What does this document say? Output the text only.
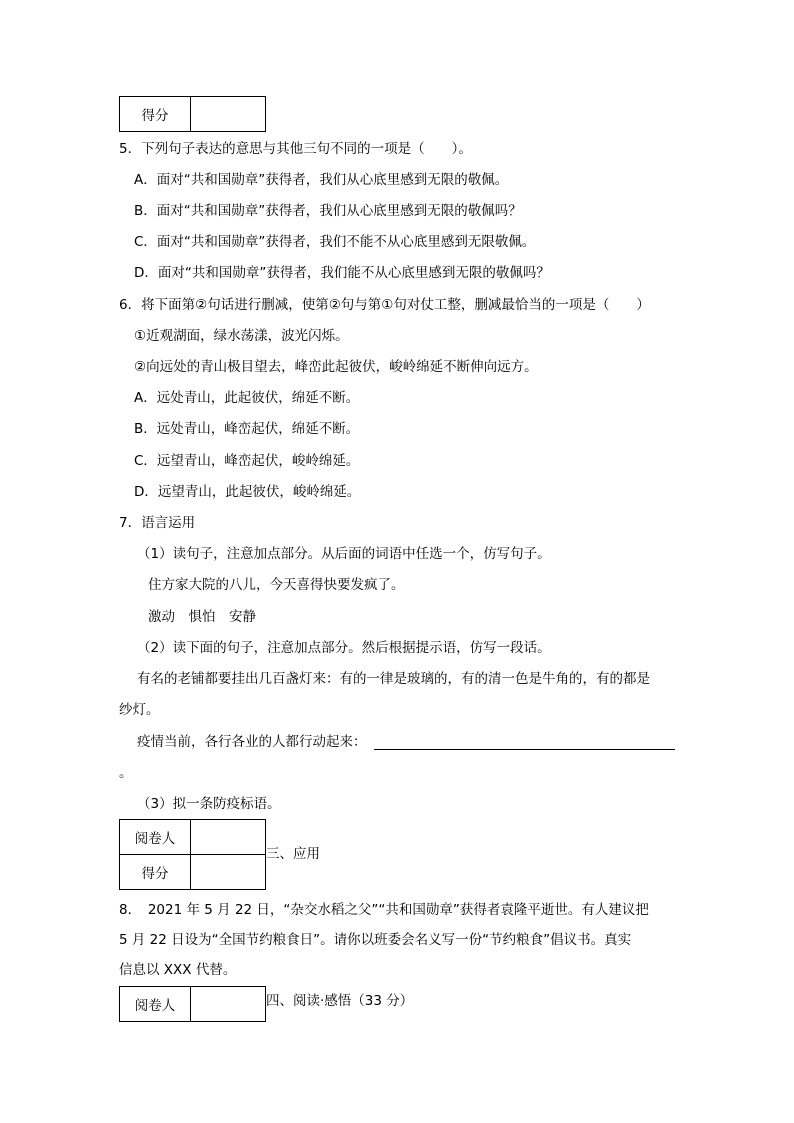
得分	
5．下列句子表达的意思与其他三句不同的一项是（　　）。
A．面对“共和国勋章”获得者，我们从心底里感到无限的敬佩。
B．面对“共和国勋章”获得者，我们从心底里感到无限的敬佩吗？
C．面对“共和国勋章”获得者，我们不能不从心底里感到无限敬佩。
D．面对“共和国勋章”获得者，我们能不从心底里感到无限的敬佩吗？
6．将下面第②句话进行删减，使第②句与第①句对仗工整，删减最恰当的一项是（　　）
①近观湖面，绿水荡漾，波光闪烁。
②向远处的青山极目望去，峰峦此起彼伏，峻岭绵延不断伸向远方。
A．远处青山，此起彼伏，绵延不断。
B．远处青山，峰峦起伏，绵延不断。
C．远望青山，峰峦起伏，峻岭绵延。
D．远望青山，此起彼伏，峻岭绵延。
7．语言运用
（1）读句子，注意加点部分。从后面的词语中任选一个，仿写句子。
住方家大院的八儿，今天喜得快要发疯了。
激动　惧怕　安静
（2）读下面的句子，注意加点部分。然后根据提示语，仿写一段话。
有名的老铺都要挂出几百盏灯来：有的一律是玻璃的，有的清一色是牛角的，有的都是
纱灯。
疫情当前，各行各业的人都行动起来：
。
（3）拟一条防疫标语。
阅卷人	
得分	
三、应用
8．　2021 年 5 月 22 日，“杂交水稻之父”“共和国勋章”获得者袁隆平逝世。有人建议把
5 月 22 日设为“全国节约粮食日”。请你以班委会名义写一份“节约粮食”倡议书。真实
信息以 XXX 代替。
阅卷人		四、阅读·感悟（33 分）
